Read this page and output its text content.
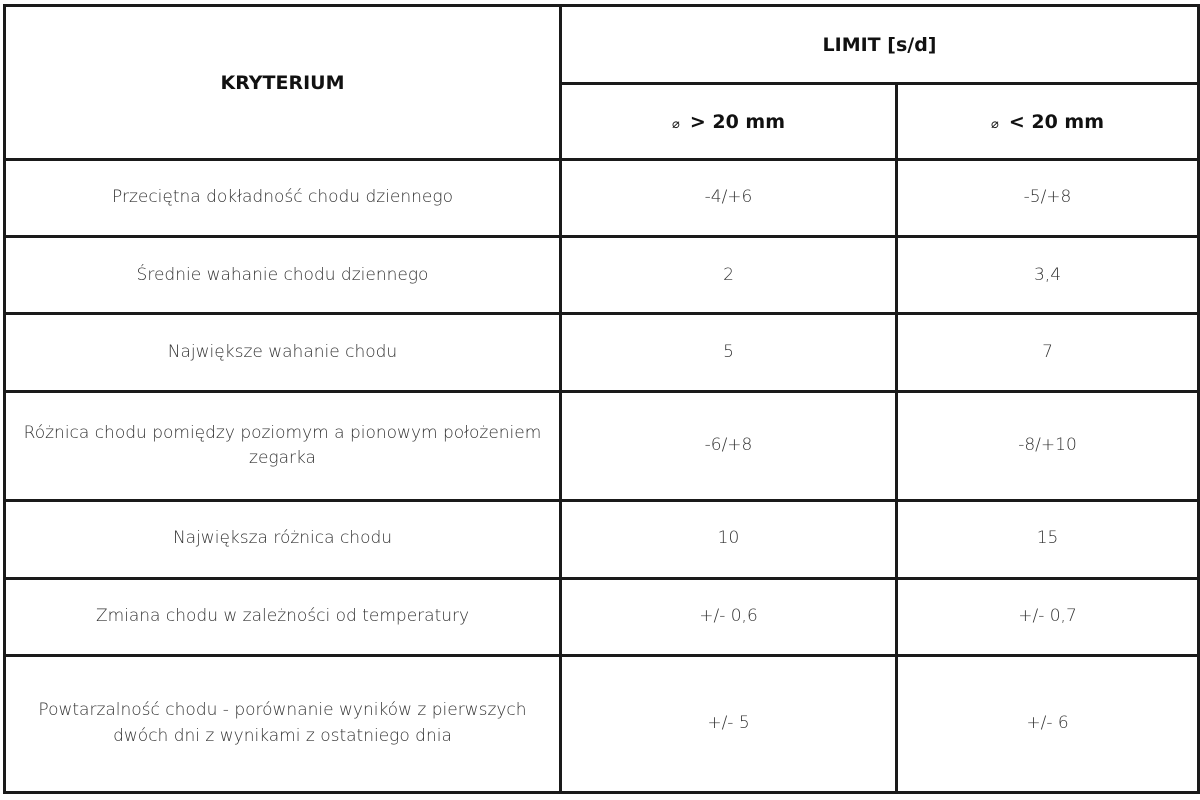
KRYTERIUM	LIMIT [s/d]	
	⌀ > 20 mm	⌀ < 20 mm
Przeciętna dokładność chodu dziennego	-4/+6	-5/+8
Średnie wahanie chodu dziennego	2	3,4
Największe wahanie chodu	5	7
Różnica chodu pomiędzy poziomym a pionowym położeniem zegarka	-6/+8	-8/+10
Największa różnica chodu	10	15
Zmiana chodu w zależności od temperatury	+/- 0,6	+/- 0,7
Powtarzalność chodu - porównanie wyników z pierwszych dwóch dni z wynikami z ostatniego dnia	+/- 5	+/- 6
